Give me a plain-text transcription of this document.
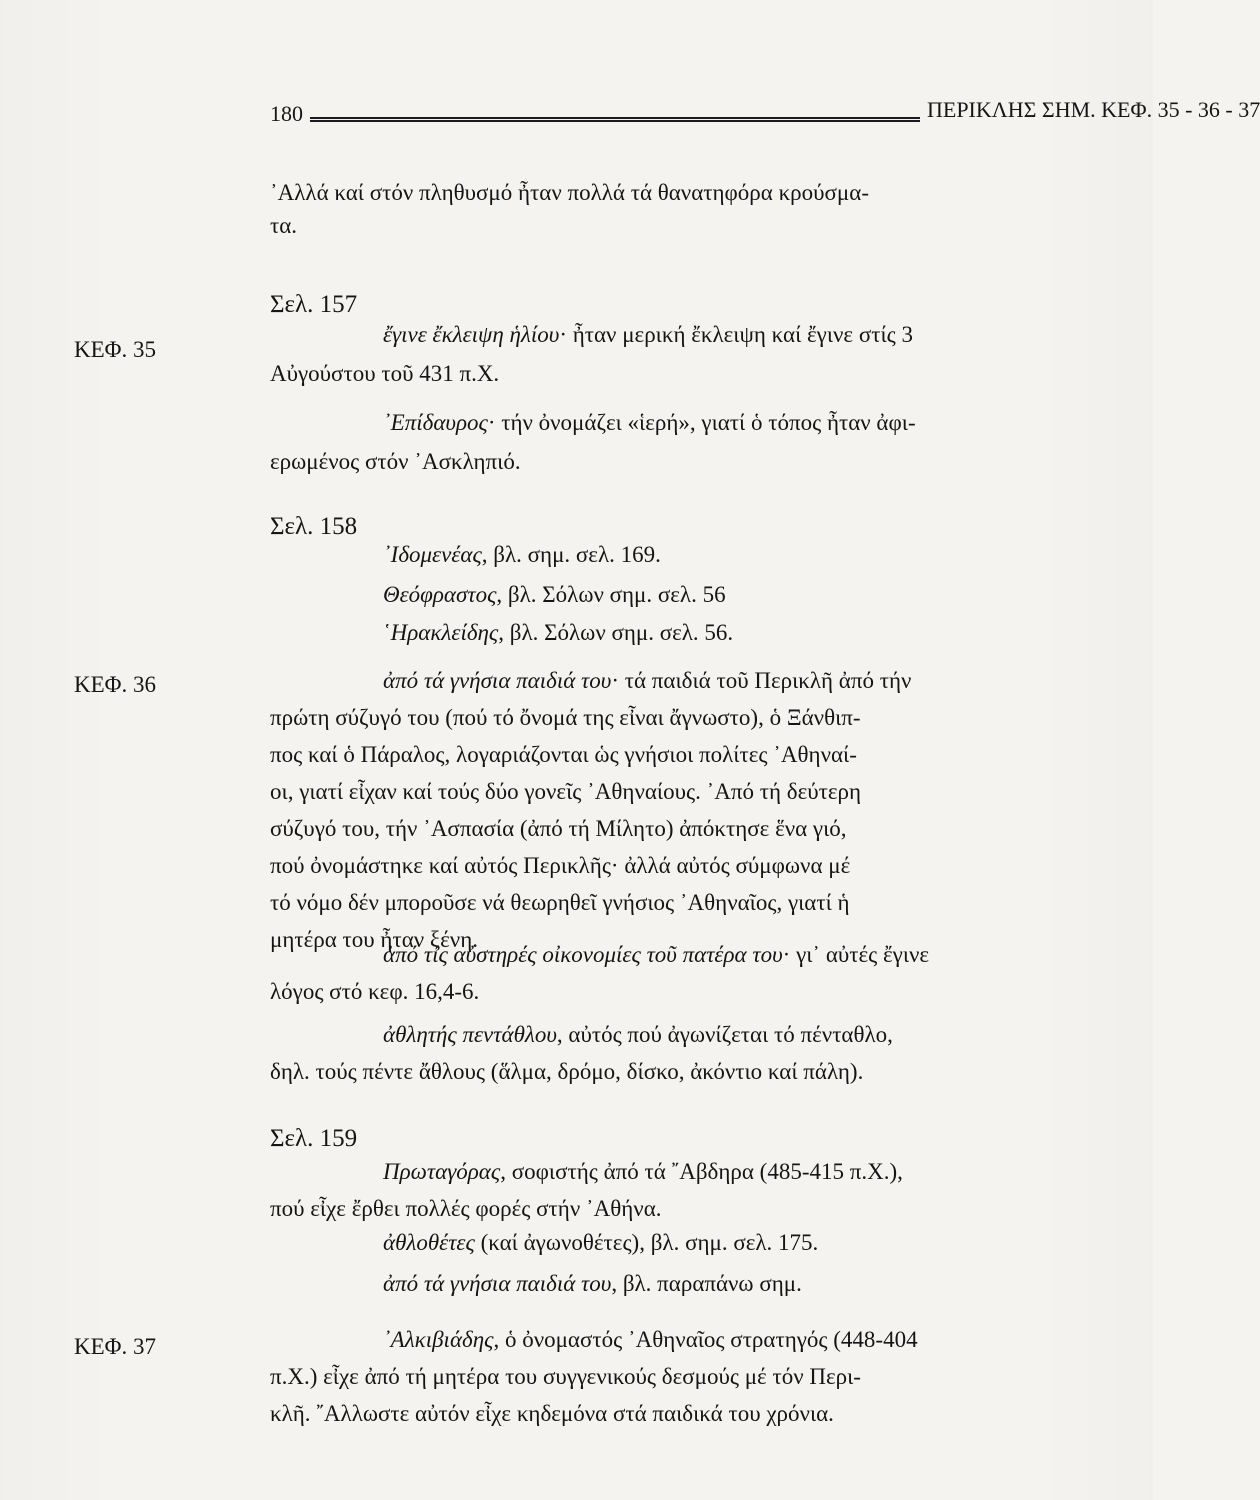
180	ΠΕΡΙΚΛΗΣ ΣΗΜ. ΚΕΦ. 35 - 36 - 37
᾿Αλλά καί στόν πληθυσμό ἦταν πολλά τά θανατηφόρα κρούσμα-
τα.
Σελ. 157
ΚΕΦ. 35
ἔγινε ἔκλειψη ἡλίου· ἦταν μερική ἔκλειψη καί ἔγινε στίς 3
Αὐγούστου τοῦ 431 π.Χ.
᾿Επίδαυρος· τήν ὀνομάζει «ἱερή», γιατί ὁ τόπος ἦταν ἀφι-
ερωμένος στόν ᾿Ασκληπιό.
Σελ. 158
᾿Ιδομενέας, βλ. σημ. σελ. 169.
Θεόφραστος, βλ. Σόλων σημ. σελ. 56
῾Ηρακλείδης, βλ. Σόλων σημ. σελ. 56.
ΚΕΦ. 36	ἀπό τά γνήσια παιδιά του· τά παιδιά τοῦ Περικλῆ ἀπό τήν
πρώτη σύζυγό του (πού τό ὄνομά της εἶναι ἄγνωστο), ὁ Ξάνθιπ-
πος καί ὁ Πάραλος, λογαριάζονται ὡς γνήσιοι πολίτες ᾿Αθηναί-
οι, γιατί εἶχαν καί τούς δύο γονεῖς ᾿Αθηναίους. ᾿Από τή δεύτερη
σύζυγό του, τήν ᾿Ασπασία (ἀπό τή Μίλητο) ἀπόκτησε ἕνα γιό,
πού ὀνομάστηκε καί αὐτός Περικλῆς· ἀλλά αὐτός σύμφωνα μέ
τό νόμο δέν μποροῦσε νά θεωρηθεῖ γνήσιος ᾿Αθηναῖος, γιατί ἡ
μητέρα του ἦταν ξένη.
ἀπό τίς αὐστηρές οἰκονομίες τοῦ πατέρα του· γι᾿ αὐτές ἔγινε
λόγος στό κεφ. 16,4-6.
ἀθλητής πεντάθλου, αὐτός πού ἀγωνίζεται τό πένταθλο,
δηλ. τούς πέντε ἄθλους (ἅλμα, δρόμο, δίσκο, ἀκόντιο καί πάλη).
Σελ. 159
Πρωταγόρας, σοφιστής ἀπό τά ῎Αβδηρα (485-415 π.Χ.),
πού εἶχε ἔρθει πολλές φορές στήν ᾿Αθήνα.
ἀθλοθέτες (καί ἀγωνοθέτες), βλ. σημ. σελ. 175.
ἀπό τά γνήσια παιδιά του, βλ. παραπάνω σημ.
ΚΕΦ. 37	᾿Αλκιβιάδης, ὁ ὀνομαστός ᾿Αθηναῖος στρατηγός (448-404
π.Χ.) εἶχε ἀπό τή μητέρα του συγγενικούς δεσμούς μέ τόν Περι-
κλῆ. ῎Αλλωστε αὐτόν εἶχε κηδεμόνα στά παιδικά του χρόνια.
